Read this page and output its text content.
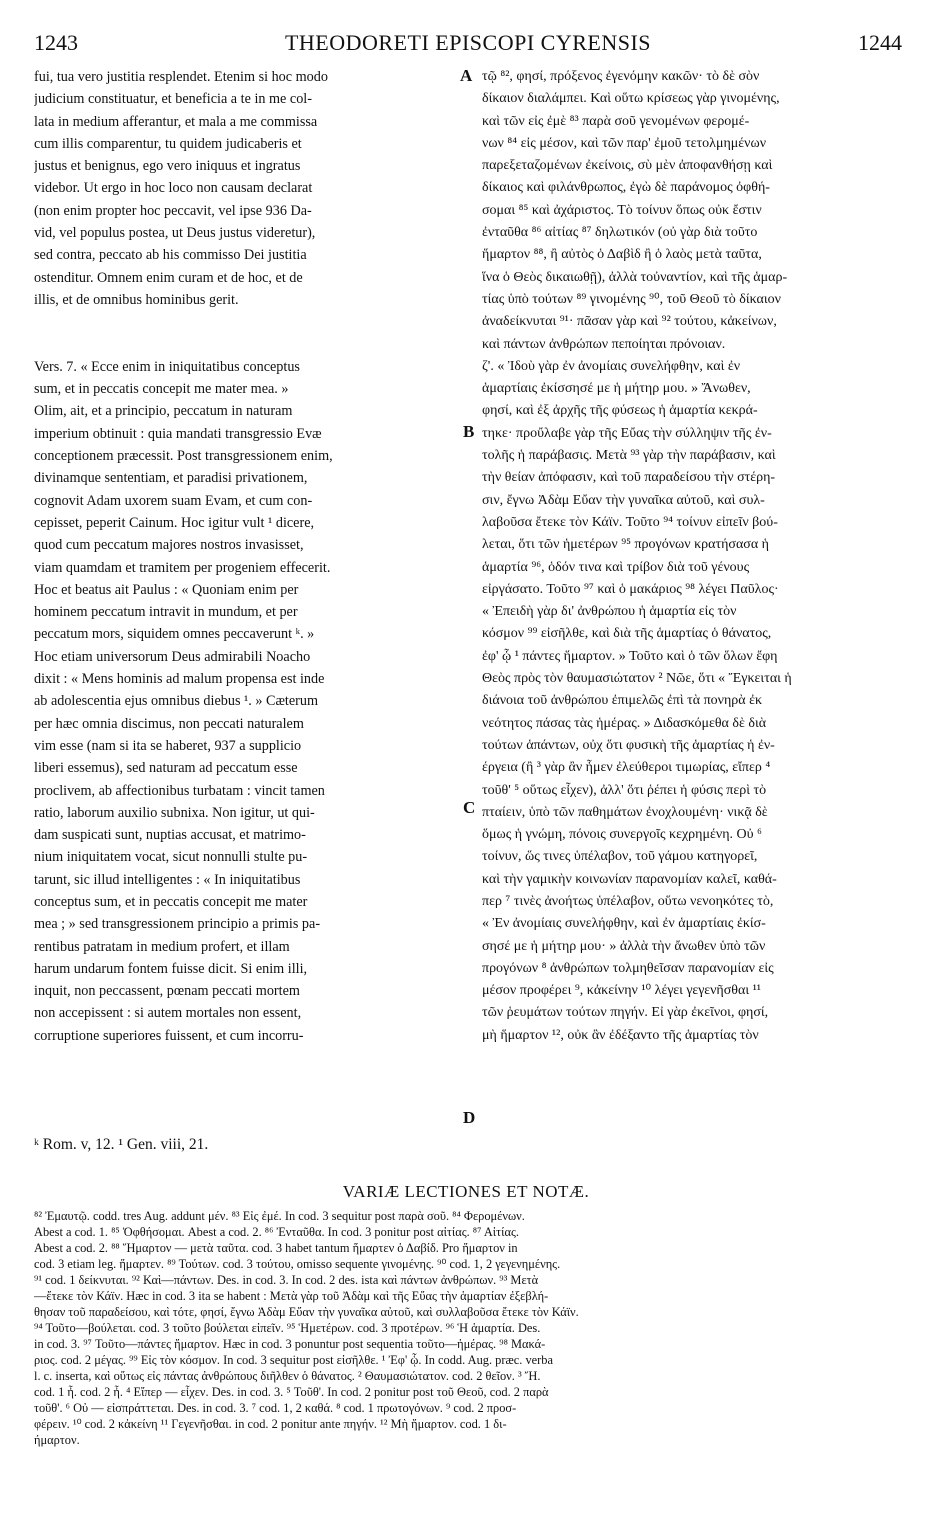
1243	THEODORETI EPISCOPI CYRENSIS	1244
fui, tua vero justitia resplendet. Etenim si hoc modo
judicium constituatur, et beneficia a te in me col-
lata in medium afferantur, et mala a me commissa
cum illis comparentur, tu quidem judicaberis et
justus et benignus, ego vero iniquus et ingratus
videbor. Ut ergo in hoc loco non causam declarat
(non enim propter hoc peccavit, vel ipse 936 Da-
vid, vel populus postea, ut Deus justus videretur),
sed contra, peccato ab his commisso Dei justitia
ostenditur. Omnem enim curam et de hoc, et de
illis, et de omnibus hominibus gerit.
Vers. 7. « Ecce enim in iniquitatibus conceptus
sum, et in peccatis concepit me mater mea. »
Olim, ait, et a principio, peccatum in naturam
imperium obtinuit : quia mandati transgressio Evæ
conceptionem præcessit. Post transgressionem enim,
divinamque sententiam, et paradisi privationem,
cognovit Adam uxorem suam Evam, et cum con-
cepisset, peperit Cainum. Hoc igitur vult ¹ dicere,
quod cum peccatum majores nostros invasisset,
viam quamdam et tramitem per progeniem effecerit.
Hoc et beatus ait Paulus : « Quoniam enim per
hominem peccatum intravit in mundum, et per
peccatum mors, siquidem omnes peccaverunt ᵏ. »
Hoc etiam universorum Deus admirabili Noacho
dixit : « Mens hominis ad malum propensa est inde
ab adolescentia ejus omnibus diebus ¹. » Cæterum
per hæc omnia discimus, non peccati naturalem
vim esse (nam si ita se haberet, 937 a supplicio
liberi essemus), sed naturam ad peccatum esse
proclivem, ab affectionibus turbatam : vincit tamen
ratio, laborum auxilio subnixa. Non igitur, ut qui-
dam suspicati sunt, nuptias accusat, et matrimo-
nium iniquitatem vocat, sicut nonnulli stulte pu-
tarunt, sic illud intelligentes : « In iniquitatibus
conceptus sum, et in peccatis concepit me mater
mea ; » sed transgressionem principio a primis pa-
rentibus patratam in medium profert, et illam
harum undarum fontem fuisse dicit. Si enim illi,
inquit, non peccassent, pœnam peccati mortem
non accepissent : si autem mortales non essent,
corruptione superiores fuissent, et cum incorru-
τῷ ⁸², φησί, πρόξενος ἐγενόμην κακῶν· τὸ δὲ σὸν
δίκαιον διαλάμπει. Καὶ οὕτω κρίσεως γὰρ γινομένης,
καὶ τῶν εἰς ἐμὲ ⁸³ παρὰ σοῦ γενομένων φερομέ-
νων ⁸⁴ εἰς μέσον, καὶ τῶν παρ' ἐμοῦ τετολμημένων
παρεξεταζομένων ἐκείνοις, σὺ μὲν ἀποφανθήσῃ καὶ
δίκαιος καὶ φιλάνθρωπος, ἐγὼ δὲ παράνομος ὀφθή-
σομαι ⁸⁵ καὶ ἀχάριστος. Τὸ τοίνυν ὅπως οὐκ ἔστιν
ἐνταῦθα ⁸⁶ αἰτίας ⁸⁷ δηλωτικόν (οὐ γὰρ διὰ τοῦτο
ἥμαρτον ⁸⁸, ἢ αὐτὸς ὁ Δαβὶδ ἢ ὁ λαὸς μετὰ ταῦτα,
ἵνα ὁ Θεὸς δικαιωθῇ), ἀλλὰ τοὐναντίον, καὶ τῆς ἁμαρ-
τίας ὑπὸ τούτων ⁸⁹ γινομένης ⁹⁰, τοῦ Θεοῦ τὸ δίκαιον
ἀναδείκνυται ⁹¹· πᾶσαν γὰρ καὶ ⁹² τούτου, κἀκείνων,
καὶ πάντων ἀνθρώπων πεποίηται πρόνοιαν.
ζ'. « Ἰδοὺ γὰρ ἐν ἀνομίαις συνελήφθην, καὶ ἐν
ἁμαρτίαις ἐκίσσησέ με ἡ μήτηρ μου. » Ἄνωθεν,
φησί, καὶ ἐξ ἀρχῆς τῆς φύσεως ἡ ἁμαρτία κεκρά-
τηκε· προὔλαβε γὰρ τῆς Εὔας τὴν σύλληψιν τῆς ἐν-
τολῆς ἡ παράβασις. Μετὰ ⁹³ γὰρ τὴν παράβασιν, καὶ
τὴν θείαν ἀπόφασιν, καὶ τοῦ παραδείσου τὴν στέρη-
σιν, ἔγνω Ἀδὰμ Εὔαν τὴν γυναῖκα αὐτοῦ, καὶ συλ-
λαβοῦσα ἔτεκε τὸν Κάϊν. Τοῦτο ⁹⁴ τοίνυν εἰπεῖν βού-
λεται, ὅτι τῶν ἡμετέρων ⁹⁵ προγόνων κρατήσασα ἡ
ἁμαρτία ⁹⁶, ὁδόν τινα καὶ τρίβον διὰ τοῦ γένους
εἰργάσατο. Τοῦτο ⁹⁷ καὶ ὁ μακάριος ⁹⁸ λέγει Παῦλος·
« Ἐπειδὴ γὰρ δι' ἀνθρώπου ἡ ἁμαρτία εἰς τὸν
κόσμον ⁹⁹ εἰσῆλθε, καὶ διὰ τῆς ἁμαρτίας ὁ θάνατος,
ἐφ' ᾧ ¹ πάντες ἥμαρτον. » Τοῦτο καὶ ὁ τῶν ὅλων ἔφη
Θεὸς πρὸς τὸν θαυμασιώτατον ² Νῶε, ὅτι « Ἔγκειται ἡ
διάνοια τοῦ ἀνθρώπου ἐπιμελῶς ἐπὶ τὰ πονηρὰ ἐκ
νεότητος πάσας τὰς ἡμέρας. » Διδασκόμεθα δὲ διὰ
τούτων ἁπάντων, οὐχ ὅτι φυσικὴ τῆς ἁμαρτίας ἡ ἐν-
έργεια (ἢ ³ γὰρ ἂν ἦμεν ἐλεύθεροι τιμωρίας, εἴπερ ⁴
τοῦθ' ⁵ οὕτως εἶχεν), ἀλλ' ὅτι ῥέπει ἡ φύσις περὶ τὸ
πταίειν, ὑπὸ τῶν παθημάτων ἐνοχλουμένη· νικᾷ δὲ
ὅμως ἡ γνώμη, πόνοις συνεργοῖς κεχρημένη. Οὐ ⁶
τοίνυν, ὥς τινες ὑπέλαβον, τοῦ γάμου κατηγορεῖ,
καὶ τὴν γαμικὴν κοινωνίαν παρανομίαν καλεῖ, καθά-
περ ⁷ τινὲς ἀνοήτως ὑπέλαβον, οὕτω νενοηκότες τὸ,
« Ἐν ἀνομίαις συνελήφθην, καὶ ἐν ἁμαρτίαις ἐκίσ-
σησέ με ἡ μήτηρ μου· » ἀλλὰ τὴν ἄνωθεν ὑπὸ τῶν
προγόνων ⁸ ἀνθρώπων τολμηθεῖσαν παρανομίαν εἰς
μέσον προφέρει ⁹, κἀκείνην ¹⁰ λέγει γεγενῆσθαι ¹¹
τῶν ῥευμάτων τούτων πηγήν. Εἰ γὰρ ἐκεῖνοι, φησί,
μὴ ἥμαρτον ¹², οὐκ ἂν ἐδέξαντο τῆς ἁμαρτίας τὸν
A
B
C
D
ᵏ Rom. v, 12. ¹ Gen. viii, 21.
VARIÆ LECTIONES ET NOTÆ.
⁸² Ἐμαυτῷ. codd. tres Aug. addunt μέν. ⁸³ Εἰς ἐμέ. In cod. 3 sequitur post παρὰ σοῦ. ⁸⁴ Φερομένων.
Abest a cod. 1. ⁸⁵ Ὀφθήσομαι. Abest a cod. 2. ⁸⁶ Ἐνταῦθα. In cod. 3 ponitur post αἰτίας. ⁸⁷ Αἰτίας.
Abest a cod. 2. ⁸⁸ Ἥμαρτον — μετὰ ταῦτα. cod. 3 habet tantum ἥμαρτεν ὁ Δαβίδ. Pro ἥμαρτον in
cod. 3 etiam leg. ἥμαρτεν. ⁸⁹ Τούτων. cod. 3 τούτου, omisso sequente γινομένης. ⁹⁰ cod. 1, 2 γεγενημένης.
⁹¹ cod. 1 δείκνυται. ⁹² Καὶ—πάντων. Des. in cod. 3. In cod. 2 des. ista καὶ πάντων ἀνθρώπων. ⁹³ Μετὰ
—ἔτεκε τὸν Κάϊν. Hæc in cod. 3 ita se habent : Μετὰ γὰρ τοῦ Ἀδὰμ καὶ τῆς Εὔας τὴν ἁμαρτίαν ἐξεβλή-
θησαν τοῦ παραδείσου, καὶ τότε, φησί, ἔγνω Ἀδὰμ Εὔαν τὴν γυναῖκα αὐτοῦ, καὶ συλλαβοῦσα ἔτεκε τὸν Κάϊν.
⁹⁴ Τοῦτο—βούλεται. cod. 3 τοῦτο βούλεται εἰπεῖν. ⁹⁵ Ἡμετέρων. cod. 3 προτέρων. ⁹⁶ Ἡ ἁμαρτία. Des.
in cod. 3. ⁹⁷ Τοῦτο—πάντες ἥμαρτον. Hæc in cod. 3 ponuntur post sequentia τοῦτο—ἡμέρας. ⁹⁸ Μακά-
ριος. cod. 2 μέγας. ⁹⁹ Εἰς τὸν κόσμον. In cod. 3 sequitur post εἰσῆλθε. ¹ Ἐφ' ᾧ. In codd. Aug. præc. verba
l. c. inserta, καὶ οὕτως εἰς πάντας ἀνθρώπους διῆλθεν ὁ θάνατος. ² Θαυμασιώτατον. cod. 2 θεῖον. ³ Ἤ.
cod. 1 ἦ. cod. 2 ἦ. ⁴ Εἴπερ — εἶχεν. Des. in cod. 3. ⁵ Τοῦθ'. In cod. 2 ponitur post τοῦ Θεοῦ, cod. 2 παρὰ
τοῦθ'. ⁶ Οὐ — εἰσπράττεται. Des. in cod. 3. ⁷ cod. 1, 2 καθά. ⁸ cod. 1 πρωτογόνων. ⁹ cod. 2 προσ-
φέρειν. ¹⁰ cod. 2 κἀκείνη ¹¹ Γεγενῆσθαι. in cod. 2 ponitur ante πηγήν. ¹² Μὴ ἥμαρτον. cod. 1 δι-
ήμαρτον.
